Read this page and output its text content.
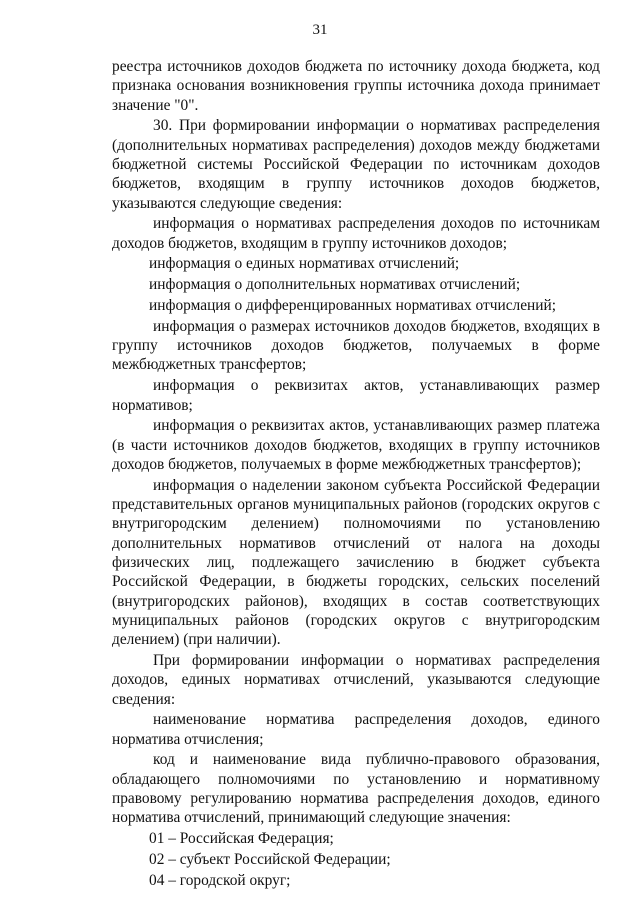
31

реестра источников доходов бюджета по источнику дохода бюджета, код признака основания возникновения группы источника дохода принимает значение "0".

30. При формировании информации о нормативах распределения (дополнительных нормативах распределения) доходов между бюджетами бюджетной системы Российской Федерации по источникам доходов бюджетов, входящим в группу источников доходов бюджетов, указываются следующие сведения:

информация о нормативах распределения доходов по источникам доходов бюджетов, входящим в группу источников доходов;

информация о единых нормативах отчислений;

информация о дополнительных нормативах отчислений;

информация о дифференцированных нормативах отчислений;

информация о размерах источников доходов бюджетов, входящих в группу источников доходов бюджетов, получаемых в форме межбюджетных трансфертов;

информация о реквизитах актов, устанавливающих размер нормативов;

информация о реквизитах актов, устанавливающих размер платежа (в части источников доходов бюджетов, входящих в группу источников доходов бюджетов, получаемых в форме межбюджетных трансфертов);

информация о наделении законом субъекта Российской Федерации представительных органов муниципальных районов (городских округов с внутригородским делением) полномочиями по установлению дополнительных нормативов отчислений от налога на доходы физических лиц, подлежащего зачислению в бюджет субъекта Российской Федерации, в бюджеты городских, сельских поселений (внутригородских районов), входящих в состав соответствующих муниципальных районов (городских округов с внутригородским делением) (при наличии).

При формировании информации о нормативах распределения доходов, единых нормативах отчислений, указываются следующие сведения:

наименование норматива распределения доходов, единого норматива отчисления;

код и наименование вида публично-правового образования, обладающего полномочиями по установлению и нормативному правовому регулированию норматива распределения доходов, единого норматива отчислений, принимающий следующие значения:

01 – Российская Федерация;

02 – субъект Российской Федерации;

04 – городской округ;
